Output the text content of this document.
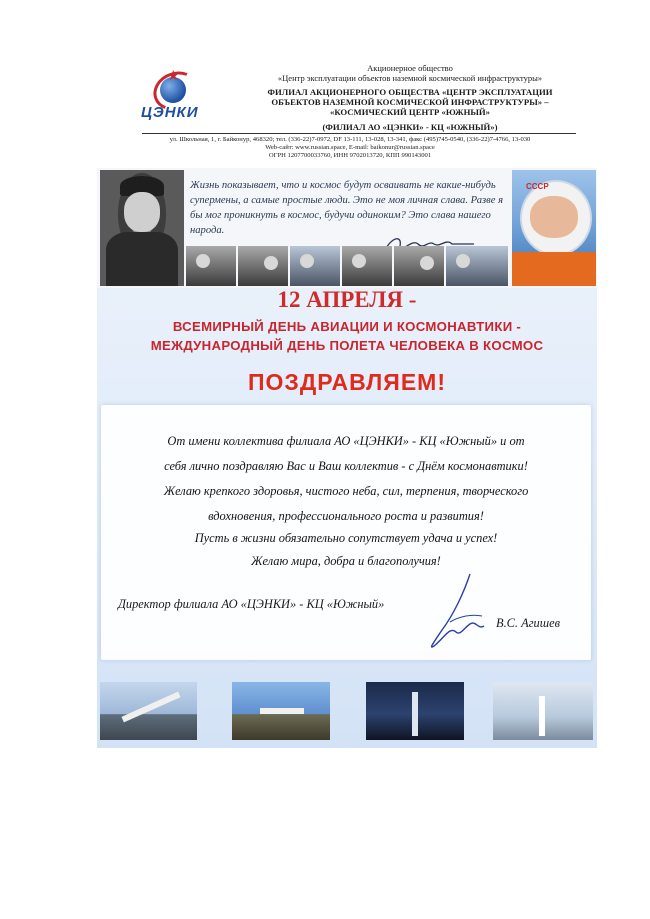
★
ЦЭНКИ
Акционерное общество
«Центр эксплуатации объектов наземной космической инфраструктуры»
ФИЛИАЛ АКЦИОНЕРНОГО ОБЩЕСТВА «ЦЕНТР ЭКСПЛУАТАЦИИ
ОБЪЕКТОВ НАЗЕМНОЙ КОСМИЧЕСКОЙ ИНФРАСТРУКТУРЫ» –
«КОСМИЧЕСКИЙ ЦЕНТР «ЮЖНЫЙ»
(ФИЛИАЛ АО «ЦЭНКИ» - КЦ «ЮЖНЫЙ»)
ул. Школьная, 1, г. Байконур, 468320; тел. (336-22)7-0972, DF 13-111, 13-028, 13-341, факс (495)745-0540, (336-22)7-4766, 13-030
Web-сайт: www.russian.space, E-mail: baikonur@russian.space
ОГРН 1207700033760, ИНН 9702013720, КПП 990143001
Жизнь показывает, что и космос будут осваивать не какие-нибудь супермены, а самые простые люди. Это не моя личная слава. Разве я бы мог проникнуть в космос, будучи одиноким? Это слава нашего народа.
СССР
12 АПРЕЛЯ -
ВСЕМИРНЫЙ ДЕНЬ АВИАЦИИ И КОСМОНАВТИКИ -
МЕЖДУНАРОДНЫЙ ДЕНЬ ПОЛЕТА ЧЕЛОВЕКА В КОСМОС
ПОЗДРАВЛЯЕМ!
От имени коллектива филиала АО «ЦЭНКИ» - КЦ «Южный» и от
себя лично поздравляю Вас и Ваш коллектив - с Днём космонавтики!
Желаю крепкого здоровья, чистого неба, сил, терпения, творческого
вдохновения, профессионального роста и развития!
Пусть в жизни обязательно сопутствует удача и успех!
Желаю мира, добра и благополучия!
Директор филиала АО «ЦЭНКИ» - КЦ «Южный»
В.С. Агишев
